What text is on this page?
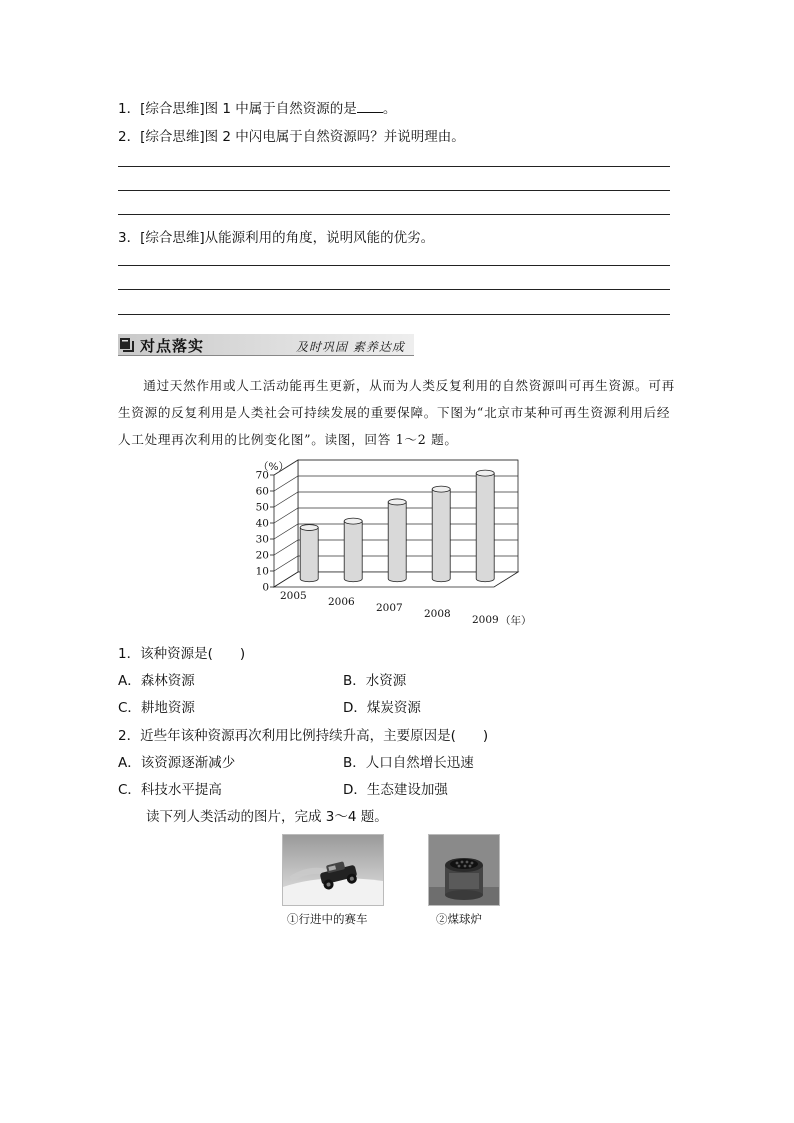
1．[综合思维]图 1 中属于自然资源的是 。
2．[综合思维]图 2 中闪电属于自然资源吗？并说明理由。
3．[综合思维]从能源利用的角度，说明风能的优劣。
对点落实	及时巩固 素养达成
通过天然作用或人工活动能再生更新，从而为人类反复利用的自然资源叫可再生资源。可再生资源的反复利用是人类社会可持续发展的重要保障。下图为“北京市某种可再生资源利用后经人工处理再次利用的比例变化图”。读图，回答 1～2 题。
0
10
20
30
40
50
60
70
（%）
2005 2006 2007 2008 2009 （年）
1．该种资源是(　　)
A．森林资源	B．水资源
C．耕地资源	D．煤炭资源
2．近些年该种资源再次利用比例持续升高，主要原因是(　　)
A．该资源逐渐减少	B．人口自然增长迅速
C．科技水平提高	D．生态建设加强
读下列人类活动的图片，完成 3～4 题。
①行进中的赛车	②煤球炉
